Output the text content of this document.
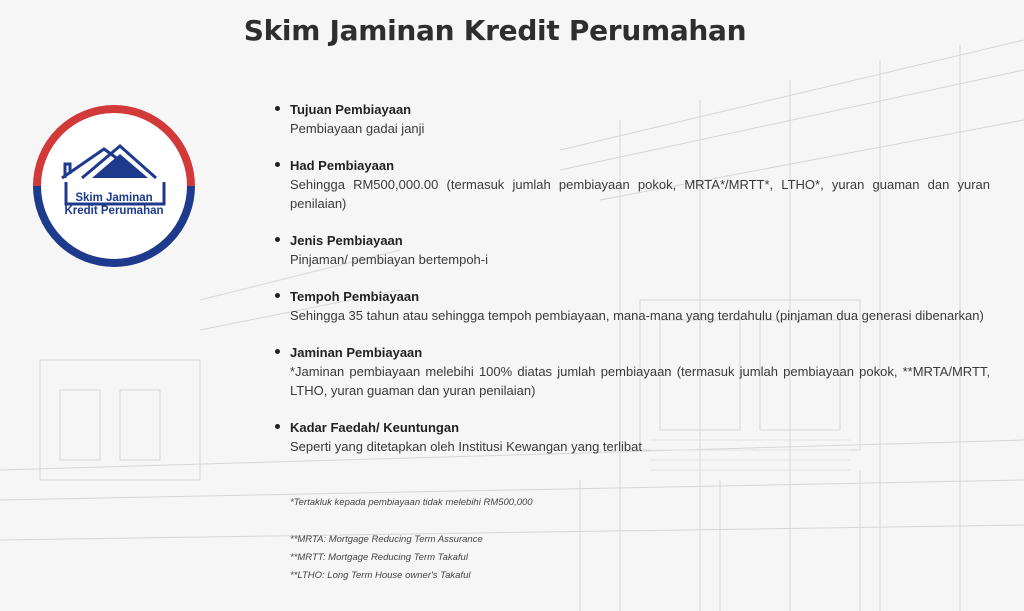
Skim Jaminan Kredit Perumahan
Skim Jaminan
Kredit Perumahan
Tujuan Pembiayaan
Pembiayaan gadai janji
Had Pembiayaan
Sehingga RM500,000.00 (termasuk jumlah pembiayaan pokok, MRTA*/MRTT*, LTHO*, yuran guaman dan yuran penilaian)
Jenis Pembiayaan
Pinjaman/ pembiayan bertempoh-i
Tempoh Pembiayaan
Sehingga 35 tahun atau sehingga tempoh pembiayaan, mana-mana yang terdahulu (pinjaman dua generasi dibenarkan)
Jaminan Pembiayaan
*Jaminan pembiayaan melebihi 100% diatas jumlah pembiayaan (termasuk jumlah pembiayaan pokok, **MRTA/MRTT, LTHO, yuran guaman dan yuran penilaian)
Kadar Faedah/ Keuntungan
Seperti yang ditetapkan oleh Institusi Kewangan yang terlibat
*Tertakluk kepada pembiayaan tidak melebihi RM500,000
**MRTA: Mortgage Reducing Term Assurance
**MRTT: Mortgage Reducing Term Takaful
**LTHO: Long Term House owner's Takaful
